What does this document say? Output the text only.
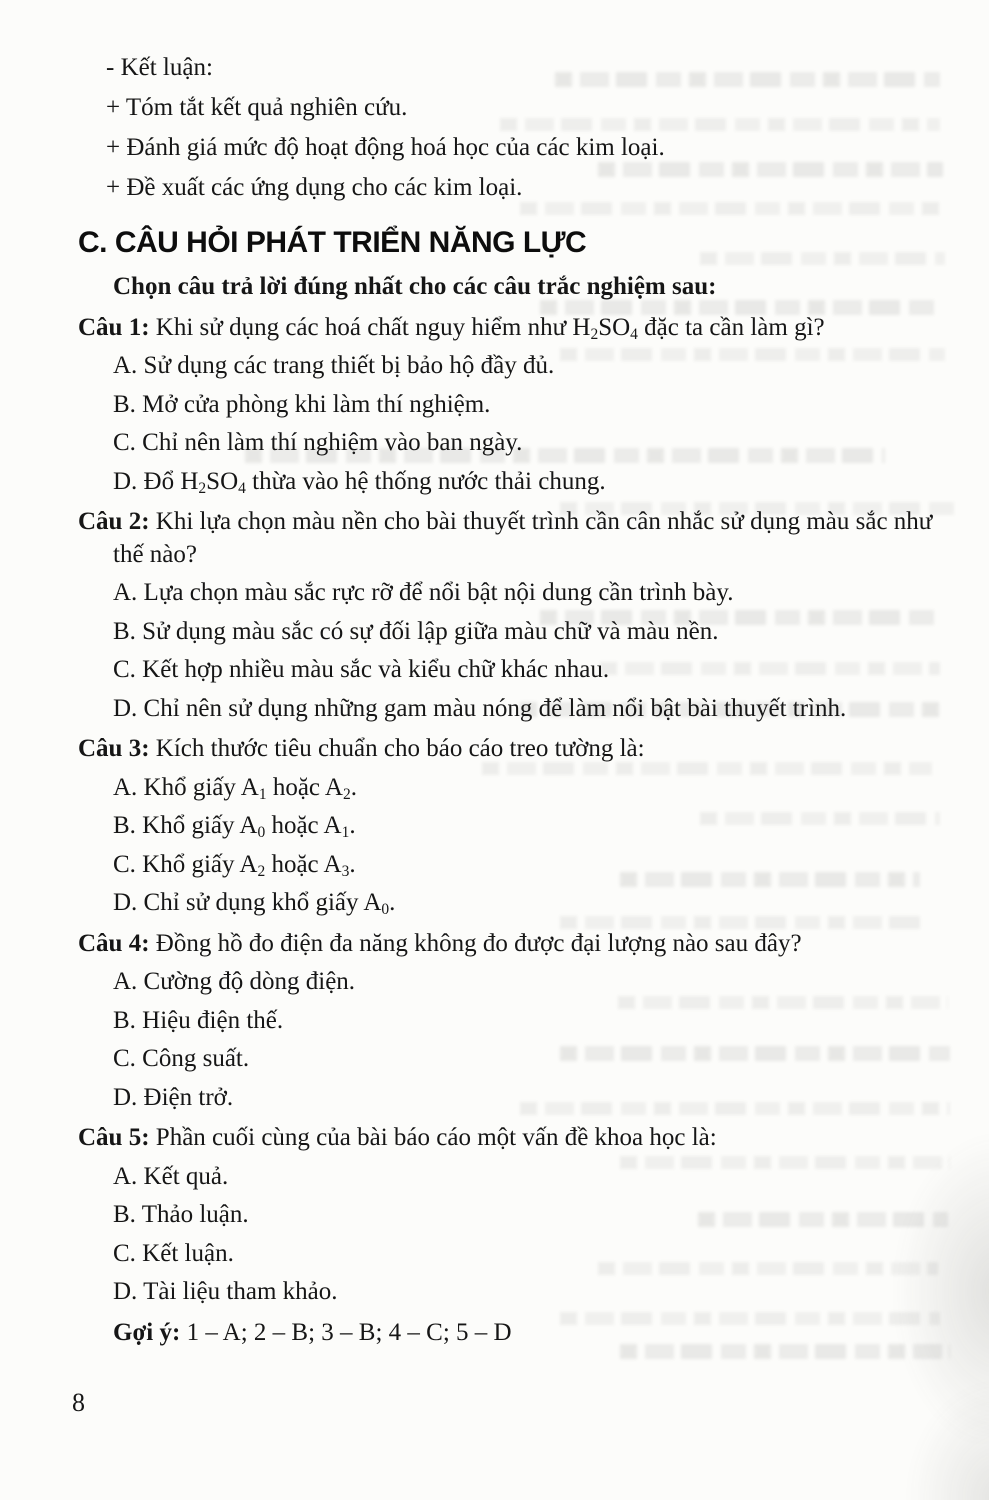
- Kết luận:

+ Tóm tắt kết quả nghiên cứu.

+ Đánh giá mức độ hoạt động hoá học của các kim loại.

+ Đề xuất các ứng dụng cho các kim loại.

C. CÂU HỎI PHÁT TRIỂN NĂNG LỰC

Chọn câu trả lời đúng nhất cho các câu trắc nghiệm sau:

Câu 1: Khi sử dụng các hoá chất nguy hiểm như $H_2SO_4$ đặc ta cần làm gì?

A. Sử dụng các trang thiết bị bảo hộ đầy đủ.

B. Mở cửa phòng khi làm thí nghiệm.

C. Chỉ nên làm thí nghiệm vào ban ngày.

D. Đổ $H_2SO_4$ thừa vào hệ thống nước thải chung.

Câu 2: Khi lựa chọn màu nền cho bài thuyết trình cần cân nhắc sử dụng màu sắc như thế nào?

A. Lựa chọn màu sắc rực rỡ để nổi bật nội dung cần trình bày.

B. Sử dụng màu sắc có sự đối lập giữa màu chữ và màu nền.

C. Kết hợp nhiều màu sắc và kiểu chữ khác nhau.

D. Chỉ nên sử dụng những gam màu nóng để làm nổi bật bài thuyết trình.

Câu 3: Kích thước tiêu chuẩn cho báo cáo treo tường là:

A. Khổ giấy $A_1$ hoặc $A_2$.

B. Khổ giấy $A_0$ hoặc $A_1$.

C. Khổ giấy $A_2$ hoặc $A_3$.

D. Chỉ sử dụng khổ giấy $A_0$.

Câu 4: Đồng hồ đo điện đa năng không đo được đại lượng nào sau đây?

A. Cường độ dòng điện.

B. Hiệu điện thế.

C. Công suất.

D. Điện trở.

Câu 5: Phần cuối cùng của bài báo cáo một vấn đề khoa học là:

A. Kết quả.

B. Thảo luận.

C. Kết luận.

D. Tài liệu tham khảo.

Gợi ý: 1 – A; 2 – B; 3 – B; 4 – C; 5 – D

8
